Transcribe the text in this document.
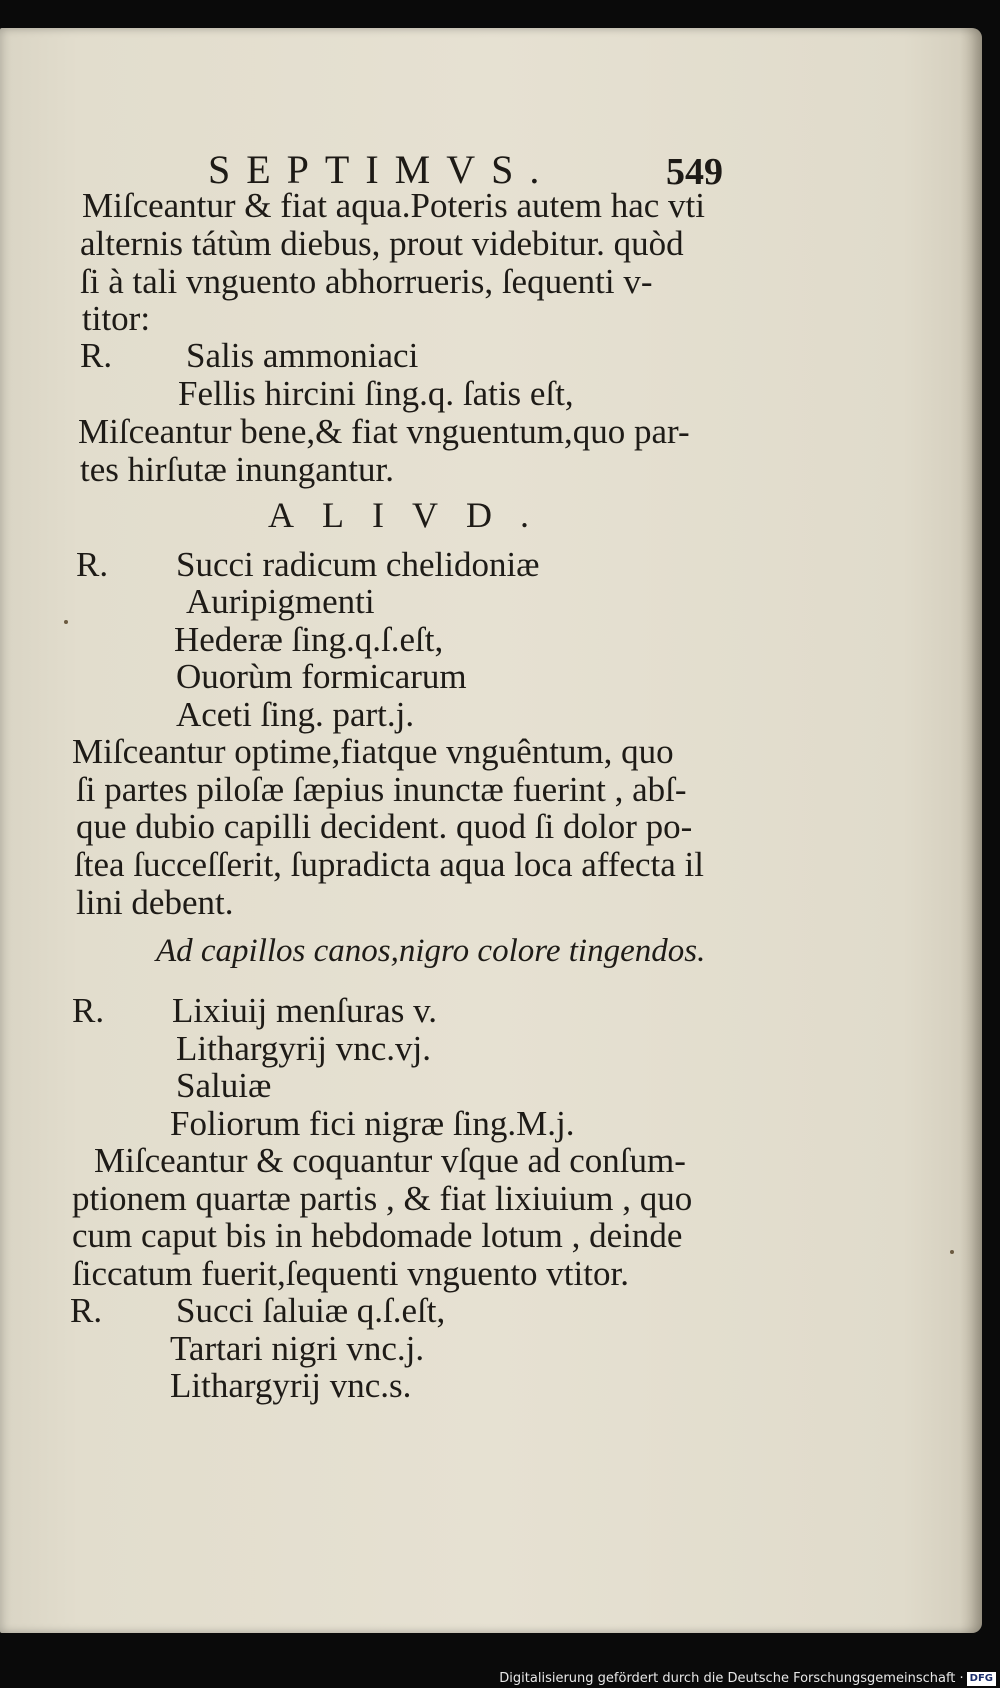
SEPTIMVS.	549
Miſceantur & fiat aqua.Poteris autem hac vti
alternis tátùm diebus, prout videbitur. quòd
ſi à tali vnguento abhorrueris, ſequenti v-
titor:
R. Salis ammoniaci
Fellis hircini ſing.q. ſatis eſt,
Miſceantur bene,& fiat vnguentum,quo par-
tes hirſutæ inungantur.
ALIVD.
R. Succi radicum chelidoniæ
Auripigmenti
Hederæ ſing.q.ſ.eſt,
Ouorùm formicarum
Aceti ſing. part.j.
Miſceantur optime,fiatque vnguêntum, quo
ſi partes piloſæ ſæpius inunctæ fuerint , abſ-
que dubio capilli decident. quod ſi dolor po-
ſtea ſucceſſerit, ſupradicta aqua loca affecta il
lini debent.
Ad capillos canos,nigro colore tingendos.
R. Lixiuij menſuras v.
Lithargyrij vnc.vj.
Saluiæ
Foliorum fici nigræ ſing.M.j.
Miſceantur & coquantur vſque ad conſum-
ptionem quartæ partis , & fiat lixiuium , quo
cum caput bis in hebdomade lotum , deinde
ſiccatum fuerit,ſequenti vnguento vtitor.
R. Succi ſaluiæ q.ſ.eſt,
Tartari nigri vnc.j.
Lithargyrij vnc.s.
Digitalisierung gefördert durch die Deutsche Forschungsgemeinschaft · DFG
